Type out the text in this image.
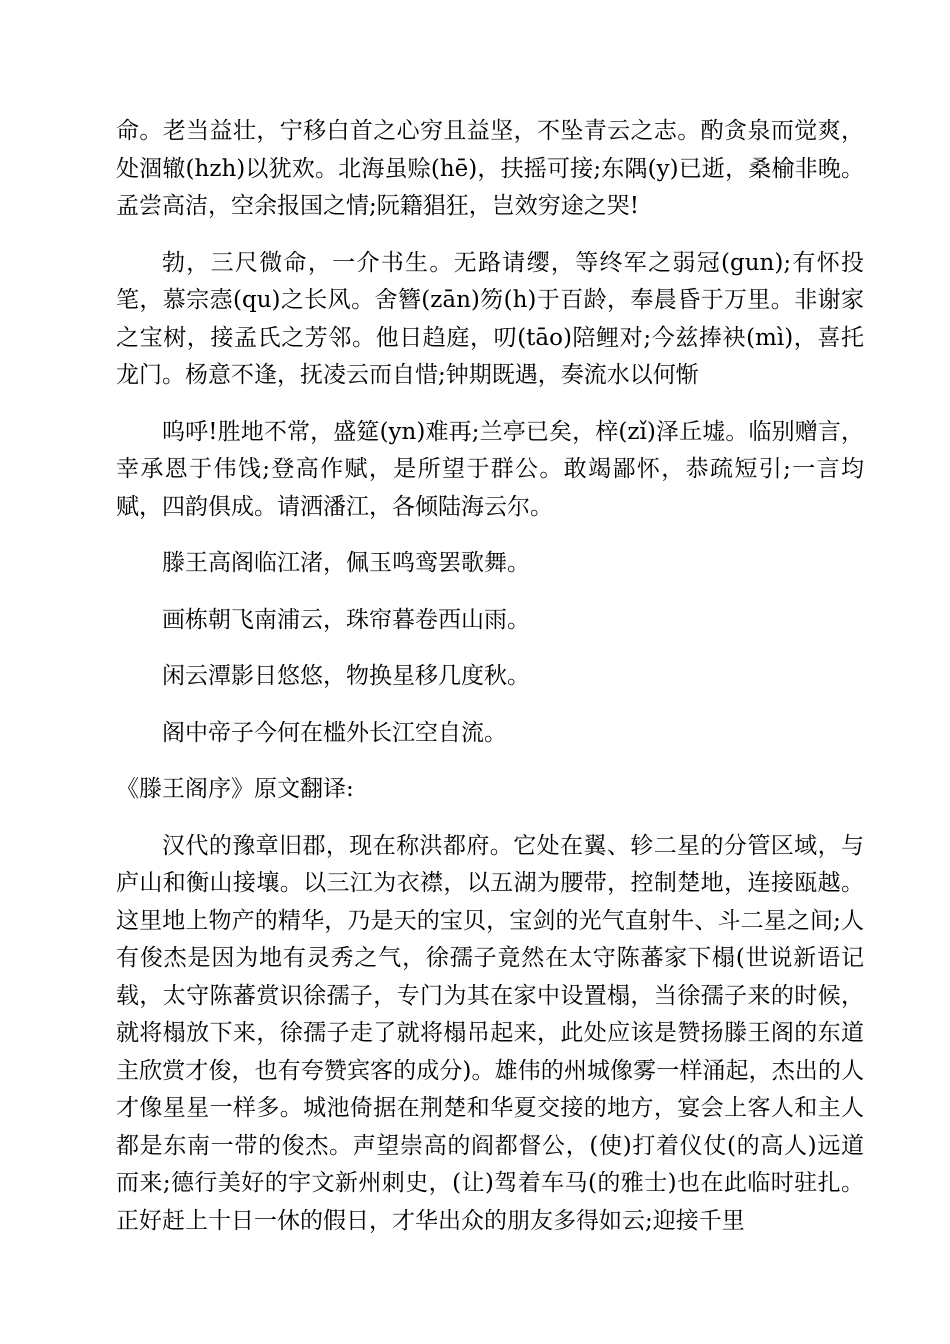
命。老当益壮，宁移白首之心穷且益坚，不坠青云之志。酌贪泉而觉爽，处涸辙(hzh)以犹欢。北海虽赊(hē)，扶摇可接;东隅(y)已逝，桑榆非晚。孟尝高洁，空余报国之情;阮籍猖狂，岂效穷途之哭!

勃，三尺微命，一介书生。无路请缨，等终军之弱冠(gun);有怀投笔，慕宗悫(qu)之长风。舍簪(zān)笏(h)于百龄，奉晨昏于万里。非谢家之宝树，接孟氏之芳邻。他日趋庭，叨(tāo)陪鲤对;今兹捧袂(mì)，喜托龙门。杨意不逢，抚凌云而自惜;钟期既遇，奏流水以何惭

呜呼!胜地不常，盛筵(yn)难再;兰亭已矣，梓(zǐ)泽丘墟。临别赠言，幸承恩于伟饯;登高作赋，是所望于群公。敢竭鄙怀，恭疏短引;一言均赋，四韵俱成。请洒潘江，各倾陆海云尔。

滕王高阁临江渚，佩玉鸣鸾罢歌舞。

画栋朝飞南浦云，珠帘暮卷西山雨。

闲云潭影日悠悠，物换星移几度秋。

阁中帝子今何在槛外长江空自流。

《滕王阁序》原文翻译:

汉代的豫章旧郡，现在称洪都府。它处在翼、轸二星的分管区域，与庐山和衡山接壤。以三江为衣襟，以五湖为腰带，控制楚地，连接瓯越。这里地上物产的精华，乃是天的宝贝，宝剑的光气直射牛、斗二星之间;人有俊杰是因为地有灵秀之气，徐孺子竟然在太守陈蕃家下榻(世说新语记载，太守陈蕃赏识徐孺子，专门为其在家中设置榻，当徐孺子来的时候，就将榻放下来，徐孺子走了就将榻吊起来，此处应该是赞扬滕王阁的东道主欣赏才俊，也有夸赞宾客的成分)。雄伟的州城像雾一样涌起，杰出的人才像星星一样多。城池倚据在荆楚和华夏交接的地方，宴会上客人和主人都是东南一带的俊杰。声望崇高的阎都督公，(使)打着仪仗(的高人)远道而来;德行美好的宇文新州刺史，(让)驾着车马(的雅士)也在此临时驻扎。正好赶上十日一休的假日，才华出众的朋友多得如云;迎接千里
